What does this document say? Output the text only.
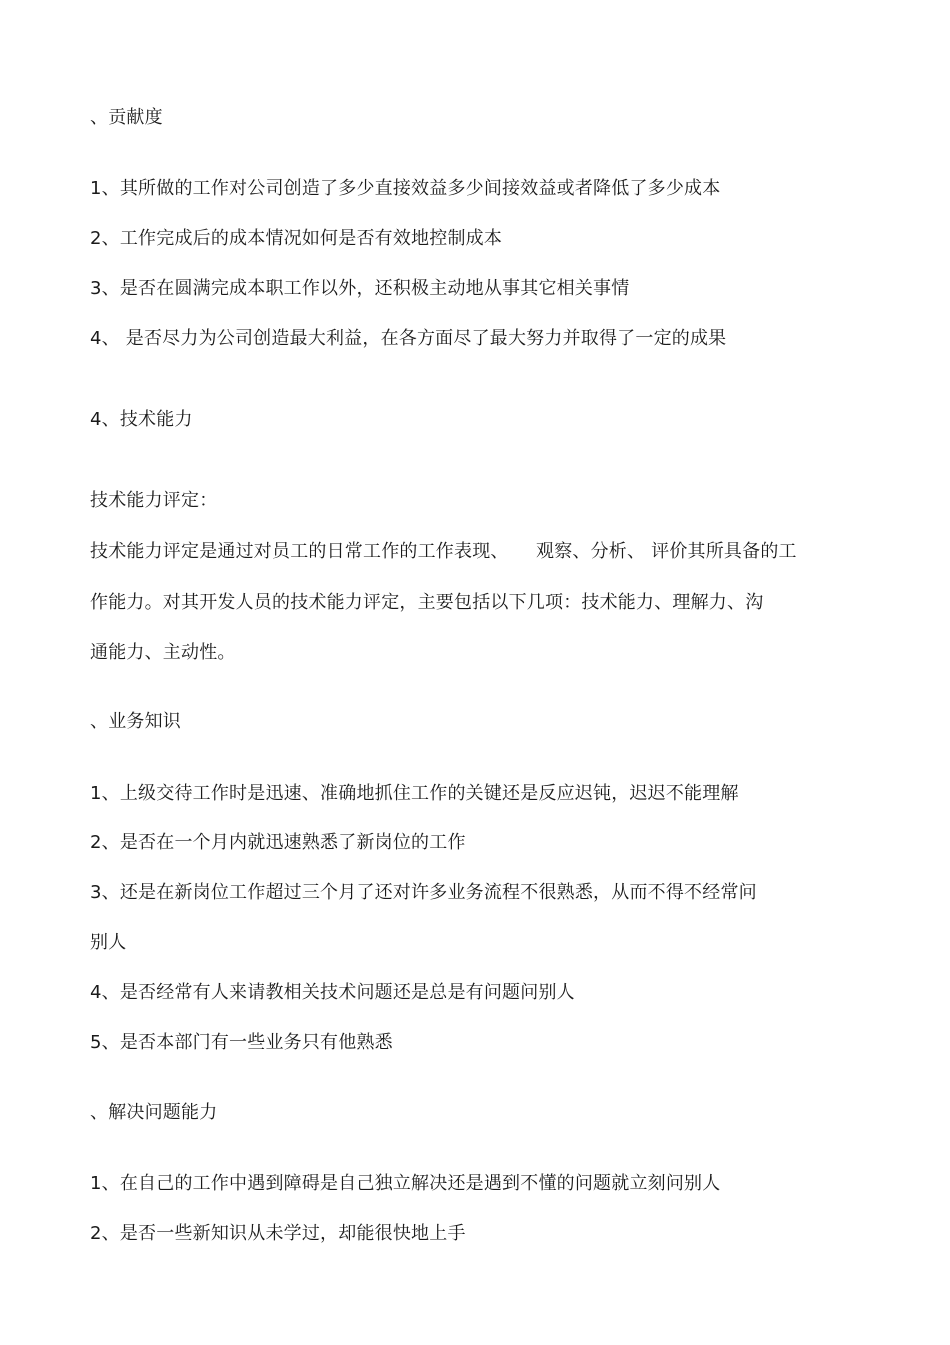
、贡献度
1、其所做的工作对公司创造了多少直接效益多少间接效益或者降低了多少成本
2、工作完成后的成本情况如何是否有效地控制成本
3、是否在圆满完成本职工作以外，还积极主动地从事其它相关事情
4、 是否尽力为公司创造最大利益，在各方面尽了最大努力并取得了一定的成果
4、技术能力
技术能力评定：
技术能力评定是通过对员工的日常工作的工作表现、　　观察、分析、 评价其所具备的工
作能力。对其开发人员的技术能力评定，主要包括以下几项：技术能力、理解力、沟
通能力、主动性。
、业务知识
1、上级交待工作时是迅速、准确地抓住工作的关键还是反应迟钝，迟迟不能理解
2、是否在一个月内就迅速熟悉了新岗位的工作
3、还是在新岗位工作超过三个月了还对许多业务流程不很熟悉，从而不得不经常问
别人
4、是否经常有人来请教相关技术问题还是总是有问题问别人
5、是否本部门有一些业务只有他熟悉
、解决问题能力
1、在自己的工作中遇到障碍是自己独立解决还是遇到不懂的问题就立刻问别人
2、是否一些新知识从未学过，却能很快地上手
